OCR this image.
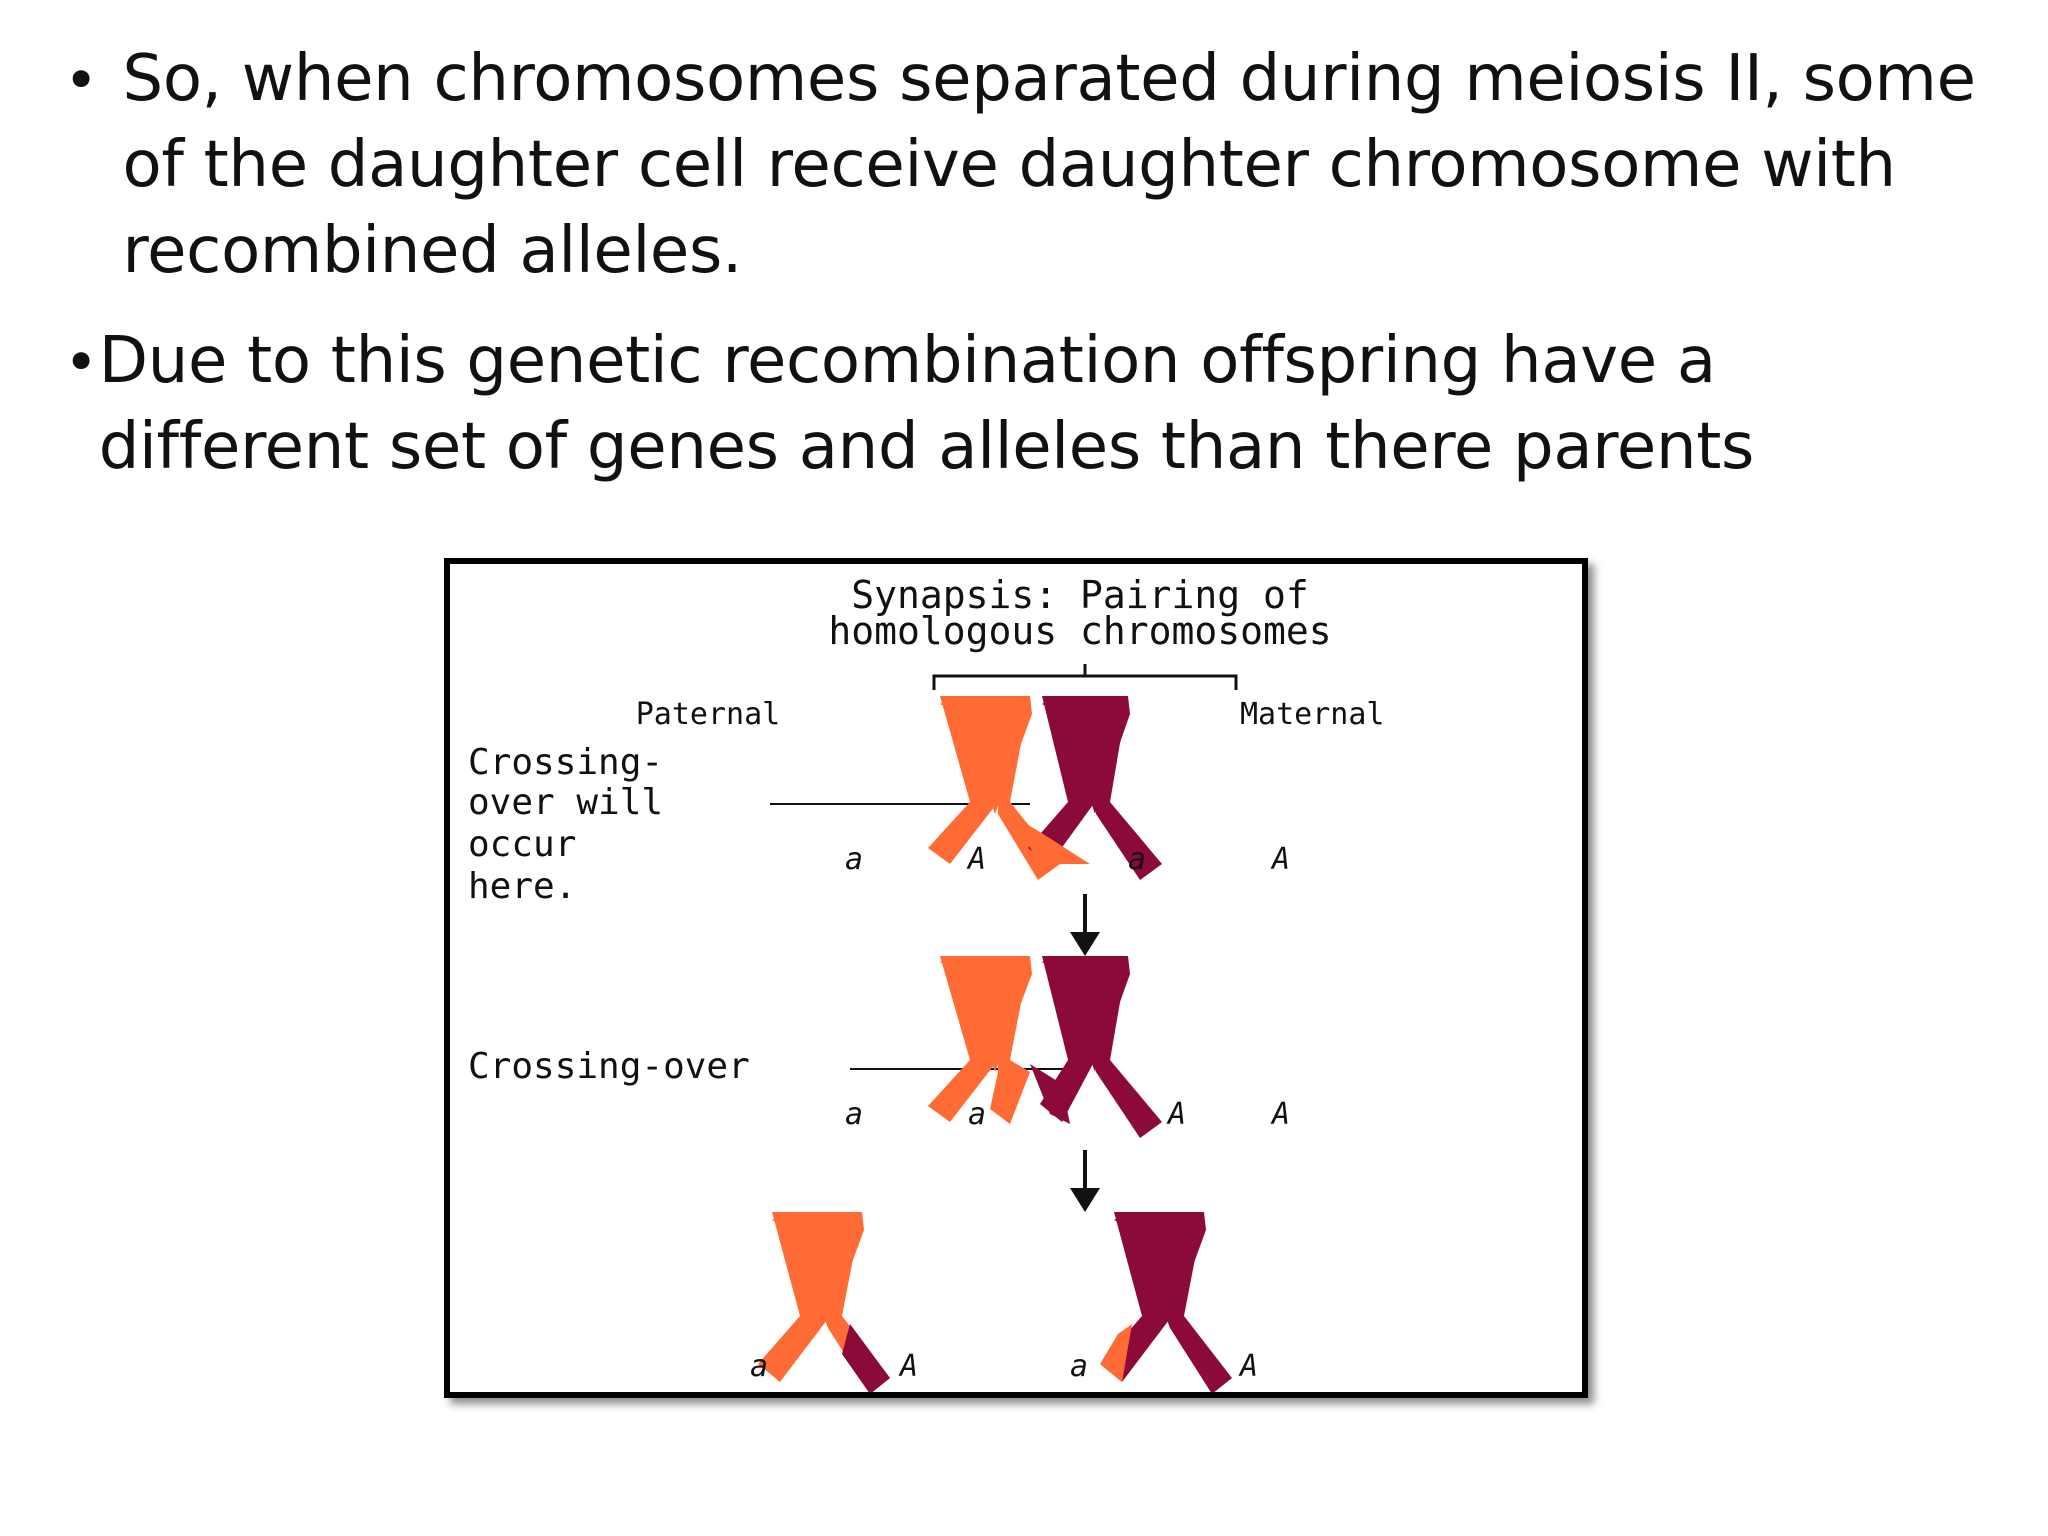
• So, when chromosomes separated during meiosis II, some of the daughter cell receive daughter chromosome with recombined alleles.
• Due to this genetic recombination offspring have a different set of genes and alleles than there parents
Synapsis: Pairing of
homologous chromosomes
Paternal	Maternal
Crossing-
over will
occur
here.
a	A	a	A
Crossing-over
a	a	A	A
a	A	a	A
